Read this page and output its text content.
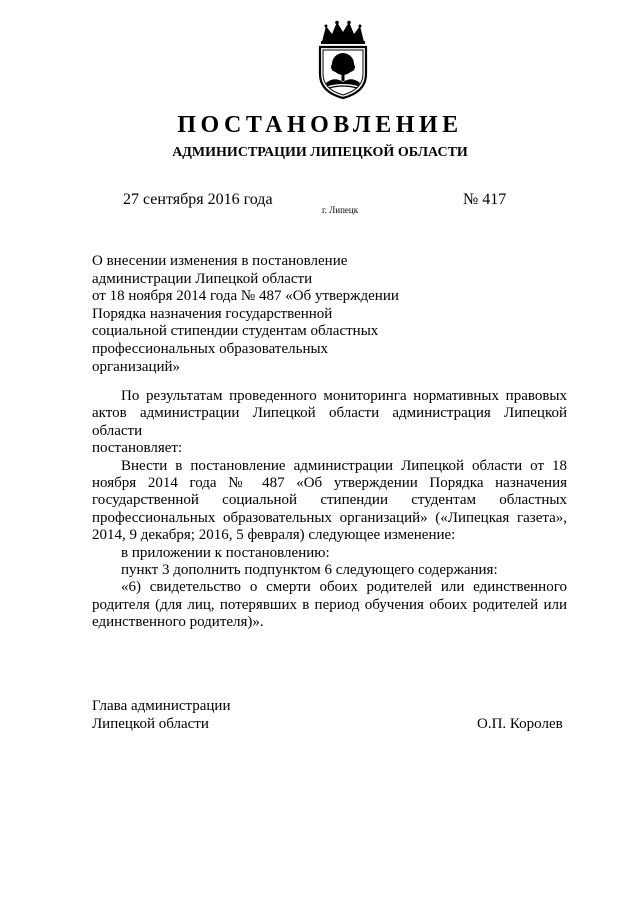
ПОСТАНОВЛЕНИЕ
АДМИНИСТРАЦИИ ЛИПЕЦКОЙ ОБЛАСТИ
27 сентября 2016 года
г. Липецк
№ 417

О внесении изменения в постановление
администрации Липецкой области
от 18 ноября 2014 года № 487 «Об утверждении
Порядка назначения государственной
социальной стипендии студентам областных
профессиональных образовательных
организаций»

По результатам проведенного мониторинга нормативных правовых актов администрации Липецкой области администрация Липецкой области

постановляет:

Внести в постановление администрации Липецкой области от 18 ноября 2014 года № 487 «Об утверждении Порядка назначения государственной социальной стипендии студентам областных профессиональных образовательных организаций» («Липецкая газета», 2014, 9 декабря; 2016, 5 февраля) следующее изменение:

в приложении к постановлению:

пункт 3 дополнить подпунктом 6 следующего содержания:

«6) свидетельство о смерти обоих родителей или единственного родителя (для лиц, потерявших в период обучения обоих родителей или единственного родителя)».

Глава администрации
Липецкой области	О.П. Королев
